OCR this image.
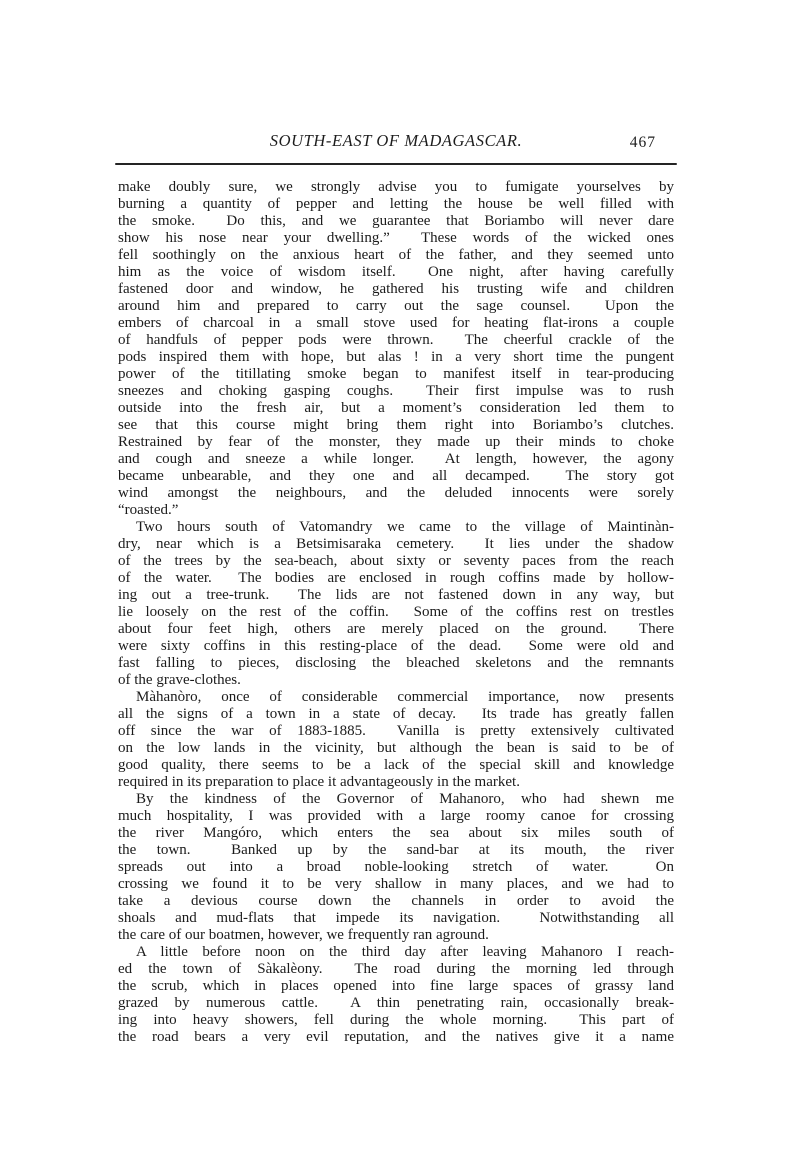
SOUTH-EAST OF MADAGASCAR.	467
make doubly sure, we strongly advise you to fumigate yourselves by
burning a quantity of pepper and letting the house be well filled with
the smoke.  Do this, and we guarantee that Boriambo will never dare
show his nose near your dwelling.”  These words of the wicked ones
fell soothingly on the anxious heart of the father, and they seemed unto
him as the voice of wisdom itself.  One night, after having carefully
fastened door and window, he gathered his trusting wife and children
around him and prepared to carry out the sage counsel.  Upon the
embers of charcoal in a small stove used for heating flat-irons a couple
of handfuls of pepper pods were thrown.  The cheerful crackle of the
pods inspired them with hope, but alas ! in a very short time the pungent
power of the titillating smoke began to manifest itself in tear-producing
sneezes and choking gasping coughs.  Their first impulse was to rush
outside into the fresh air, but a moment’s consideration led them to
see that this course might bring them right into Boriambo’s clutches.
Restrained by fear of the monster, they made up their minds to choke
and cough and sneeze a while longer.  At length, however, the agony
became unbearable, and they one and all decamped.  The story got
wind amongst the neighbours, and the deluded innocents were sorely
“roasted.”
Two hours south of Vatomandry we came to the village of Maintinàn-
dry, near which is a Betsimisaraka cemetery.  It lies under the shadow
of the trees by the sea-beach, about sixty or seventy paces from the reach
of the water.  The bodies are enclosed in rough coffins made by hollow-
ing out a tree-trunk.  The lids are not fastened down in any way, but
lie loosely on the rest of the coffin.  Some of the coffins rest on trestles
about four feet high, others are merely placed on the ground.  There
were sixty coffins in this resting-place of the dead.  Some were old and
fast falling to pieces, disclosing the bleached skeletons and the remnants
of the grave-clothes.
Màhanòro, once of considerable commercial importance, now presents
all the signs of a town in a state of decay.  Its trade has greatly fallen
off since the war of 1883-1885.  Vanilla is pretty extensively cultivated
on the low lands in the vicinity, but although the bean is said to be of
good quality, there seems to be a lack of the special skill and knowledge
required in its preparation to place it advantageously in the market.
By the kindness of the Governor of Mahanoro, who had shewn me
much hospitality, I was provided with a large roomy canoe for crossing
the river Mangóro, which enters the sea about six miles south of
the town.  Banked up by the sand-bar at its mouth, the river
spreads out into a broad noble-looking stretch of water.  On
crossing we found it to be very shallow in many places, and we had to
take a devious course down the channels in order to avoid the
shoals and mud-flats that impede its navigation.  Notwithstanding all
the care of our boatmen, however, we frequently ran aground.
A little before noon on the third day after leaving Mahanoro I reach-
ed the town of Sàkalèony.  The road during the morning led through
the scrub, which in places opened into fine large spaces of grassy land
grazed by numerous cattle.  A thin penetrating rain, occasionally break-
ing into heavy showers, fell during the whole morning.  This part of
the road bears a very evil reputation, and the natives give it a name
